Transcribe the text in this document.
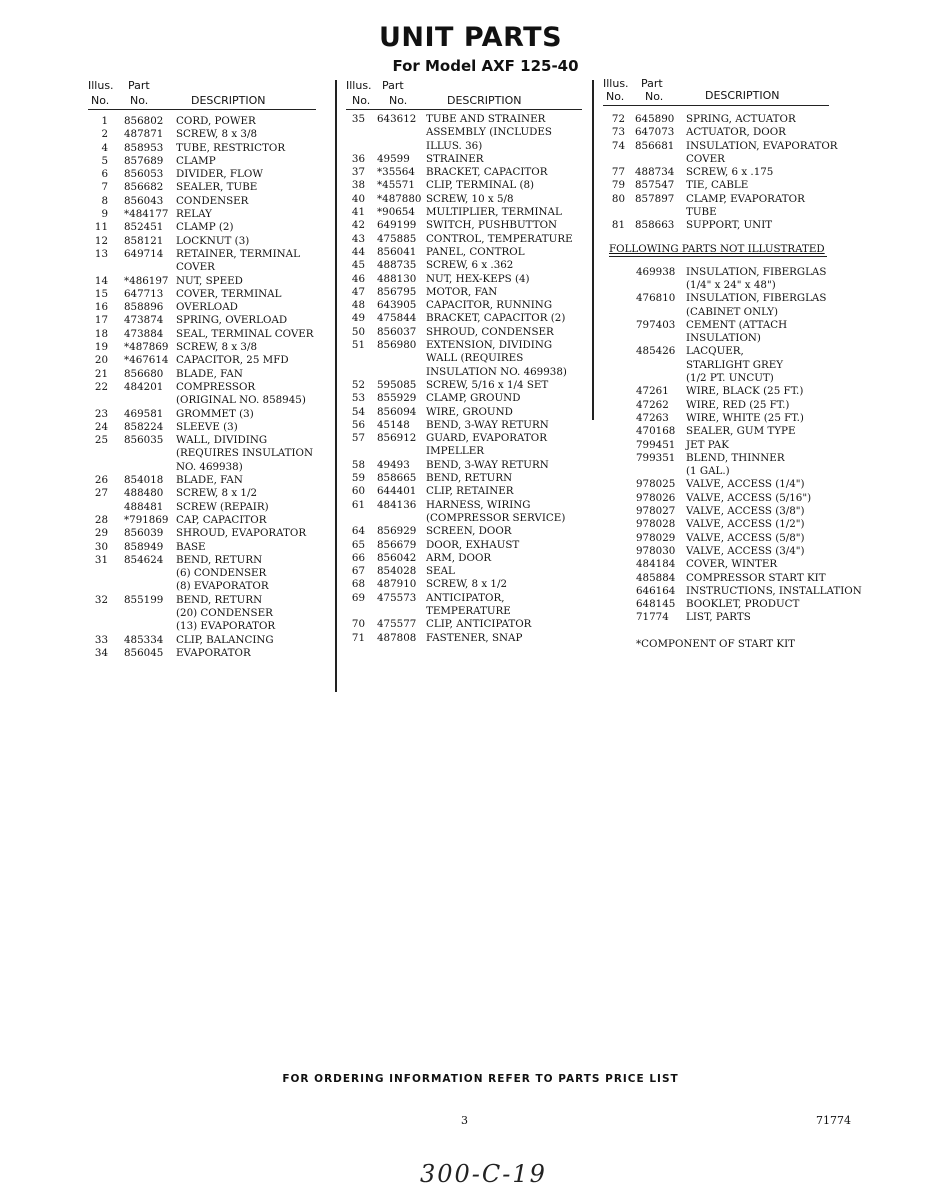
UNIT PARTS
For Model AXF 125-40
Illus. Part
No. No.	DESCRIPTION
1 856802 CORD, POWER
2 487871 SCREW, 8 x 3/8
4 858953 TUBE, RESTRICTOR
5 857689 CLAMP
6 856053 DIVIDER, FLOW
7 856682 SEALER, TUBE
8 856043 CONDENSER
9 *484177 RELAY
11 852451 CLAMP (2)
12 858121 LOCKNUT (3)
13 649714 RETAINER, TERMINAL
COVER
14 *486197 NUT, SPEED
15 647713 COVER, TERMINAL
16 858896 OVERLOAD
17 473874 SPRING, OVERLOAD
18 473884 SEAL, TERMINAL COVER
19 *487869 SCREW, 8 x 3/8
20 *467614 CAPACITOR, 25 MFD
21 856680 BLADE, FAN
22 484201 COMPRESSOR
(ORIGINAL NO. 858945)
23 469581 GROMMET (3)
24 858224 SLEEVE (3)
25 856035 WALL, DIVIDING
(REQUIRES INSULATION
NO. 469938)
26 854018 BLADE, FAN
27 488480 SCREW, 8 x 1/2
488481 SCREW (REPAIR)
28 *791869 CAP, CAPACITOR
29 856039 SHROUD, EVAPORATOR
30 858949 BASE
31 854624 BEND, RETURN
(6) CONDENSER
(8) EVAPORATOR
32 855199 BEND, RETURN
(20) CONDENSER
(13) EVAPORATOR
33 485334 CLIP, BALANCING
34 856045 EVAPORATOR
Illus. Part
No. No.	DESCRIPTION
35 643612 TUBE AND STRAINER
ASSEMBLY (INCLUDES
ILLUS. 36)
36 49599 STRAINER
37 *35564 BRACKET, CAPACITOR
38 *45571 CLIP, TERMINAL (8)
40 *487880 SCREW, 10 x 5/8
41 *90654 MULTIPLIER, TERMINAL
42 649199 SWITCH, PUSHBUTTON
43 475885 CONTROL, TEMPERATURE
44 856041 PANEL, CONTROL
45 488735 SCREW, 6 x .362
46 488130 NUT, HEX-KEPS (4)
47 856795 MOTOR, FAN
48 643905 CAPACITOR, RUNNING
49 475844 BRACKET, CAPACITOR (2)
50 856037 SHROUD, CONDENSER
51 856980 EXTENSION, DIVIDING
WALL (REQUIRES
INSULATION NO. 469938)
52 595085 SCREW, 5/16 x 1/4 SET
53 855929 CLAMP, GROUND
54 856094 WIRE, GROUND
56 45148 BEND, 3-WAY RETURN
57 856912 GUARD, EVAPORATOR
IMPELLER
58 49493 BEND, 3-WAY RETURN
59 858665 BEND, RETURN
60 644401 CLIP, RETAINER
61 484136 HARNESS, WIRING
(COMPRESSOR SERVICE)
64 856929 SCREEN, DOOR
65 856679 DOOR, EXHAUST
66 856042 ARM, DOOR
67 854028 SEAL
68 487910 SCREW, 8 x 1/2
69 475573 ANTICIPATOR,
TEMPERATURE
70 475577 CLIP, ANTICIPATOR
71 487808 FASTENER, SNAP
Illus. Part
No. No.	DESCRIPTION
72 645890 SPRING, ACTUATOR
73 647073 ACTUATOR, DOOR
74 856681 INSULATION, EVAPORATOR
COVER
77 488734 SCREW, 6 x .175
79 857547 TIE, CABLE
80 857897 CLAMP, EVAPORATOR
TUBE
81 858663 SUPPORT, UNIT
FOLLOWING PARTS NOT ILLUSTRATED
469938 INSULATION, FIBERGLAS
(1/4" x 24" x 48")
476810 INSULATION, FIBERGLAS
(CABINET ONLY)
797403 CEMENT (ATTACH
INSULATION)
485426 LACQUER,
STARLIGHT GREY
(1/2 PT. UNCUT)
47261 WIRE, BLACK (25 FT.)
47262 WIRE, RED (25 FT.)
47263 WIRE, WHITE (25 FT.)
470168 SEALER, GUM TYPE
799451 JET PAK
799351 BLEND, THINNER
(1 GAL.)
978025 VALVE, ACCESS (1/4")
978026 VALVE, ACCESS (5/16")
978027 VALVE, ACCESS (3/8")
978028 VALVE, ACCESS (1/2")
978029 VALVE, ACCESS (5/8")
978030 VALVE, ACCESS (3/4")
484184 COVER, WINTER
485884 COMPRESSOR START KIT
646164 INSTRUCTIONS, INSTALLATION
648145 BOOKLET, PRODUCT
71774 LIST, PARTS
*COMPONENT OF START KIT
FOR ORDERING INFORMATION REFER TO PARTS PRICE LIST
3	71774
300-C-19
